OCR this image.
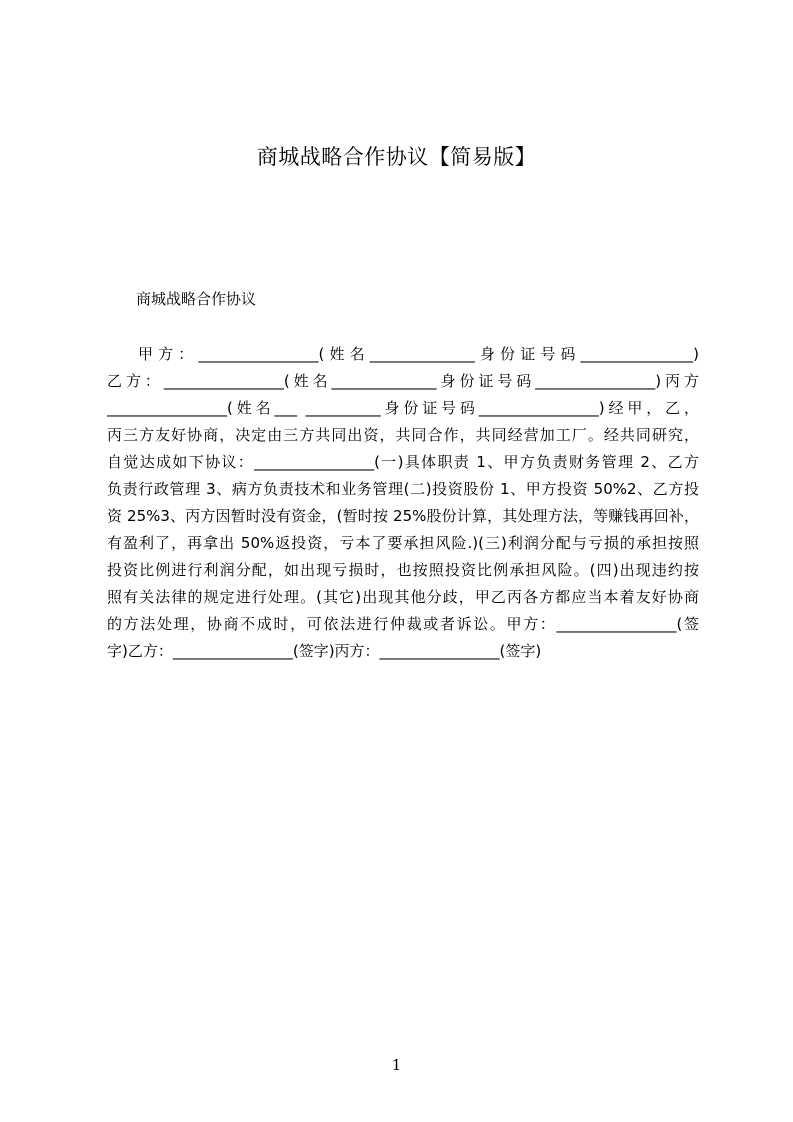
商城战略合作协议【简易版】
商城战略合作协议
甲方：________________(姓名______________身份证号码_______________)
乙方：________________(姓名______________身份证号码________________)丙方
________________(姓名___ __________身份证号码________________)经甲，乙，
丙三方友好协商，决定由三方共同出资，共同合作，共同经营加工厂。经共同研究，
自觉达成如下协议：________________(一)具体职责 1、甲方负责财务管理 2、乙方
负责行政管理 3、病方负责技术和业务管理(二)投资股份 1、甲方投资 50%2、乙方投
资 25%3、丙方因暂时没有资金，(暂时按 25%股份计算，其处理方法，等赚钱再回补，
有盈利了，再拿出 50%返投资，亏本了要承担风险.)(三)利润分配与亏损的承担按照
投资比例进行利润分配，如出现亏损时，也按照投资比例承担风险。(四)出现违约按
照有关法律的规定进行处理。(其它)出现其他分歧，甲乙丙各方都应当本着友好协商
的方法处理，协商不成时，可依法进行仲裁或者诉讼。甲方：________________(签
字)乙方：________________(签字)丙方：________________(签字)
1
